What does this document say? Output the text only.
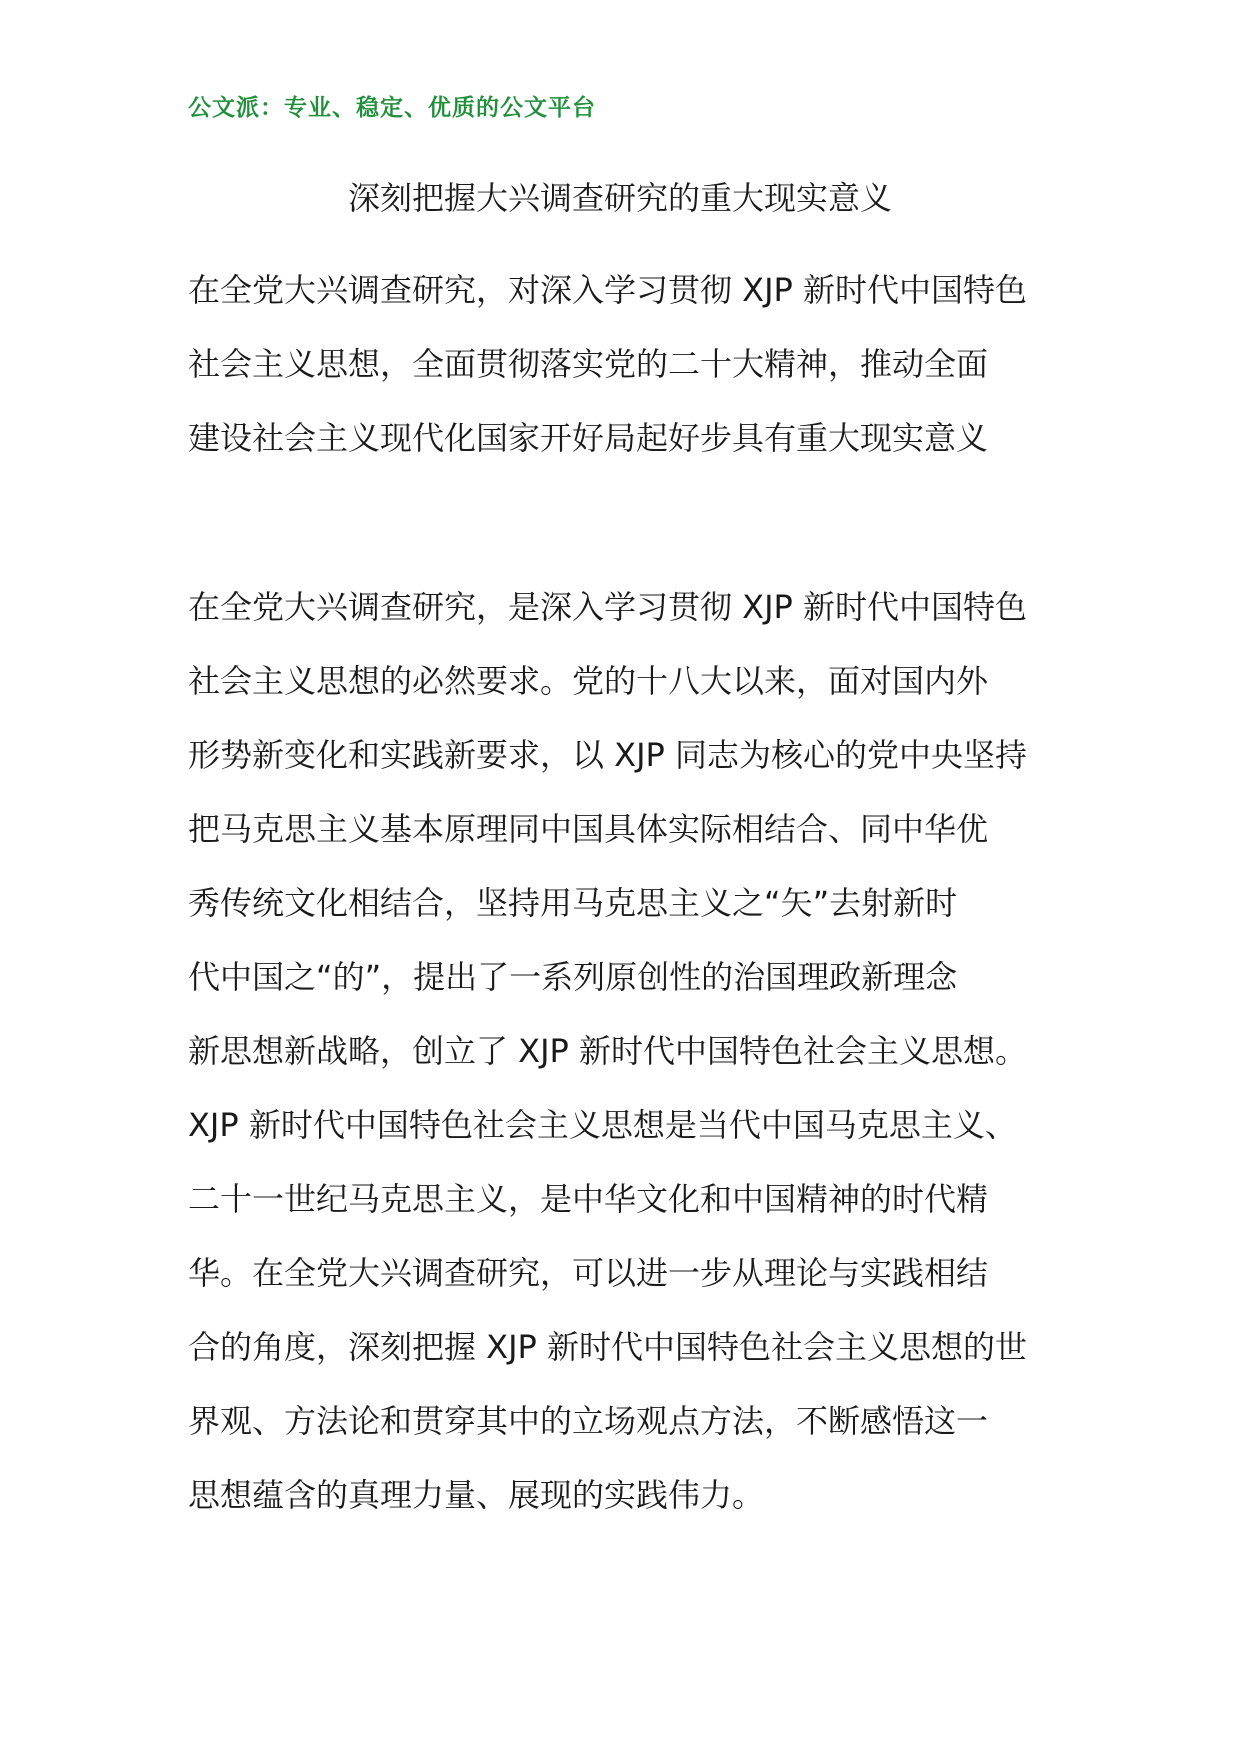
公文派：专业、稳定、优质的公文平台
深刻把握大兴调查研究的重大现实意义
在全党大兴调查研究，对深入学习贯彻 XJP 新时代中国特色
社会主义思想，全面贯彻落实党的二十大精神，推动全面
建设社会主义现代化国家开好局起好步具有重大现实意义
在全党大兴调查研究，是深入学习贯彻 XJP 新时代中国特色
社会主义思想的必然要求。党的十八大以来，面对国内外
形势新变化和实践新要求，以 XJP 同志为核心的党中央坚持
把马克思主义基本原理同中国具体实际相结合、同中华优
秀传统文化相结合，坚持用马克思主义之“矢”去射新时
代中国之“的”，提出了一系列原创性的治国理政新理念
新思想新战略，创立了 XJP 新时代中国特色社会主义思想。
XJP 新时代中国特色社会主义思想是当代中国马克思主义、
二十一世纪马克思主义，是中华文化和中国精神的时代精
华。在全党大兴调查研究，可以进一步从理论与实践相结
合的角度，深刻把握 XJP 新时代中国特色社会主义思想的世
界观、方法论和贯穿其中的立场观点方法，不断感悟这一
思想蕴含的真理力量、展现的实践伟力。
